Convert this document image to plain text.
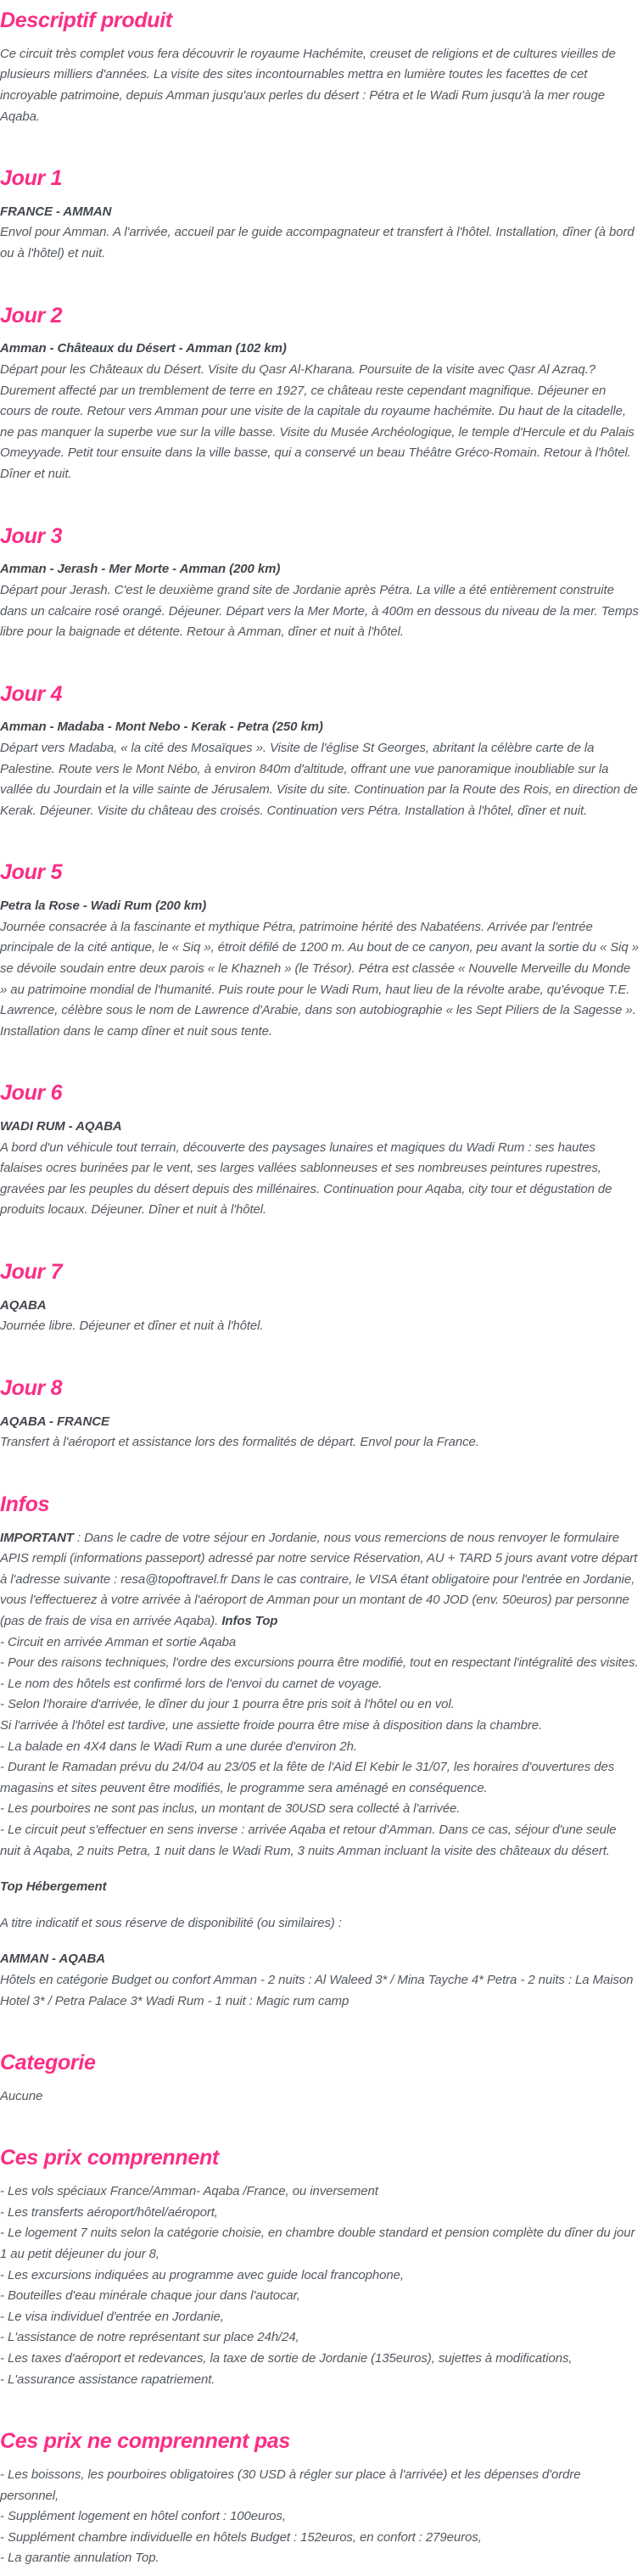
Descriptif produit

Ce circuit très complet vous fera découvrir le royaume Hachémite, creuset de religions et de cultures vieilles de plusieurs milliers d'années. La visite des sites incontournables mettra en lumière toutes les facettes de cet incroyable patrimoine, depuis Amman jusqu'aux perles du désert : Pétra et le Wadi Rum jusqu'à la mer rouge Aqaba.

Jour 1

FRANCE - AMMAN

Envol pour Amman. A l'arrivée, accueil par le guide accompagnateur et transfert à l'hôtel. Installation, dîner (à bord ou à l'hôtel) et nuit.

Jour 2

Amman - Châteaux du Désert - Amman (102 km)

Départ pour les Châteaux du Désert. Visite du Qasr Al-Kharana. Poursuite de la visite avec Qasr Al Azraq.?Durement affecté par un tremblement de terre en 1927, ce château reste cependant magnifique. Déjeuner en cours de route. Retour vers Amman pour une visite de la capitale du royaume hachémite. Du haut de la citadelle, ne pas manquer la superbe vue sur la ville basse. Visite du Musée Archéologique, le temple d'Hercule et du Palais Omeyyade. Petit tour ensuite dans la ville basse, qui a conservé un beau Théâtre Gréco-Romain. Retour à l'hôtel. Dîner et nuit.

Jour 3

Amman - Jerash - Mer Morte - Amman (200 km)

Départ pour Jerash. C'est le deuxième grand site de Jordanie après Pétra. La ville a été entièrement construite dans un calcaire rosé orangé. Déjeuner. Départ vers la Mer Morte, à 400m en dessous du niveau de la mer. Temps libre pour la baignade et détente. Retour à Amman, dîner et nuit à l'hôtel.

Jour 4

Amman - Madaba - Mont Nebo - Kerak - Petra (250 km)

Départ vers Madaba, « la cité des Mosaïques ». Visite de l'église St Georges, abritant la célèbre carte de la Palestine. Route vers le Mont Nébo, à environ 840m d'altitude, offrant une vue panoramique inoubliable sur la vallée du Jourdain et la ville sainte de Jérusalem. Visite du site. Continuation par la Route des Rois, en direction de Kerak. Déjeuner. Visite du château des croisés. Continuation vers Pétra. Installation à l'hôtel, dîner et nuit.

Jour 5

Petra la Rose - Wadi Rum (200 km)

Journée consacrée à la fascinante et mythique Pétra, patrimoine hérité des Nabatéens. Arrivée par l'entrée principale de la cité antique, le « Siq », étroit défilé de 1200 m. Au bout de ce canyon, peu avant la sortie du « Siq » se dévoile soudain entre deux parois « le Khazneh » (le Trésor). Pétra est classée « Nouvelle Merveille du Monde » au patrimoine mondial de l'humanité. Puis route pour le Wadi Rum, haut lieu de la révolte arabe, qu'évoque T.E. Lawrence, célèbre sous le nom de Lawrence d'Arabie, dans son autobiographie « les Sept Piliers de la Sagesse ». Installation dans le camp dîner et nuit sous tente.

Jour 6

WADI RUM - AQABA

A bord d'un véhicule tout terrain, découverte des paysages lunaires et magiques du Wadi Rum : ses hautes falaises ocres burinées par le vent, ses larges vallées sablonneuses et ses nombreuses peintures rupestres, gravées par les peuples du désert depuis des millénaires. Continuation pour Aqaba, city tour et dégustation de produits locaux. Déjeuner. Dîner et nuit à l'hôtel.

Jour 7

AQABA

Journée libre. Déjeuner et dîner et nuit à l'hôtel.

Jour 8

AQABA - FRANCE

Transfert à l'aéroport et assistance lors des formalités de départ. Envol pour la France.

Infos

IMPORTANT : Dans le cadre de votre séjour en Jordanie, nous vous remercions de nous renvoyer le formulaire APIS rempli (informations passeport) adressé par notre service Réservation, AU + TARD 5 jours avant votre départ à l'adresse suivante : resa@topoftravel.fr Dans le cas contraire, le VISA étant obligatoire pour l'entrée en Jordanie, vous l'effectuerez à votre arrivée à l'aéroport de Amman pour un montant de 40 JOD (env. 50euros) par personne (pas de frais de visa en arrivée Aqaba). Infos Top

- Circuit en arrivée Amman et sortie Aqaba

- Pour des raisons techniques, l'ordre des excursions pourra être modifié, tout en respectant l'intégralité des visites.

- Le nom des hôtels est confirmé lors de l'envoi du carnet de voyage.

- Selon l'horaire d'arrivée, le dîner du jour 1 pourra être pris soit à l'hôtel ou en vol.

Si l'arrivée à l'hôtel est tardive, une assiette froide pourra être mise à disposition dans la chambre.

- La balade en 4X4 dans le Wadi Rum a une durée d'environ 2h.

- Durant le Ramadan prévu du 24/04 au 23/05 et la fête de l'Aid El Kebir le 31/07, les horaires d'ouvertures des magasins et sites peuvent être modifiés, le programme sera aménagé en conséquence.

- Les pourboires ne sont pas inclus, un montant de 30USD sera collecté à l'arrivée.

- Le circuit peut s'effectuer en sens inverse : arrivée Aqaba et retour d'Amman. Dans ce cas, séjour d'une seule nuit à Aqaba, 2 nuits Petra, 1 nuit dans le Wadi Rum, 3 nuits Amman incluant la visite des châteaux du désert.

Top Hébergement

A titre indicatif et sous réserve de disponibilité (ou similaires) :

AMMAN - AQABA

Hôtels en catégorie Budget ou confort Amman - 2 nuits : Al Waleed 3* / Mina Tayche 4* Petra - 2 nuits : La Maison Hotel 3* / Petra Palace 3* Wadi Rum - 1 nuit : Magic rum camp

Categorie

Aucune

Ces prix comprennent

- Les vols spéciaux France/Amman- Aqaba /France, ou inversement

- Les transferts aéroport/hôtel/aéroport,

- Le logement 7 nuits selon la catégorie choisie, en chambre double standard et pension complète du dîner du jour 1 au petit déjeuner du jour 8,

- Les excursions indiquées au programme avec guide local francophone,

- Bouteilles d'eau minérale chaque jour dans l'autocar,

- Le visa individuel d'entrée en Jordanie,

- L'assistance de notre représentant sur place 24h/24,

- Les taxes d'aéroport et redevances, la taxe de sortie de Jordanie (135euros), sujettes à modifications,

- L'assurance assistance rapatriement.

Ces prix ne comprennent pas

- Les boissons, les pourboires obligatoires (30 USD à régler sur place à l'arrivée) et les dépenses d'ordre personnel,

- Supplément logement en hôtel confort : 100euros,

- Supplément chambre individuelle en hôtels Budget : 152euros, en confort : 279euros,

- La garantie annulation Top.
